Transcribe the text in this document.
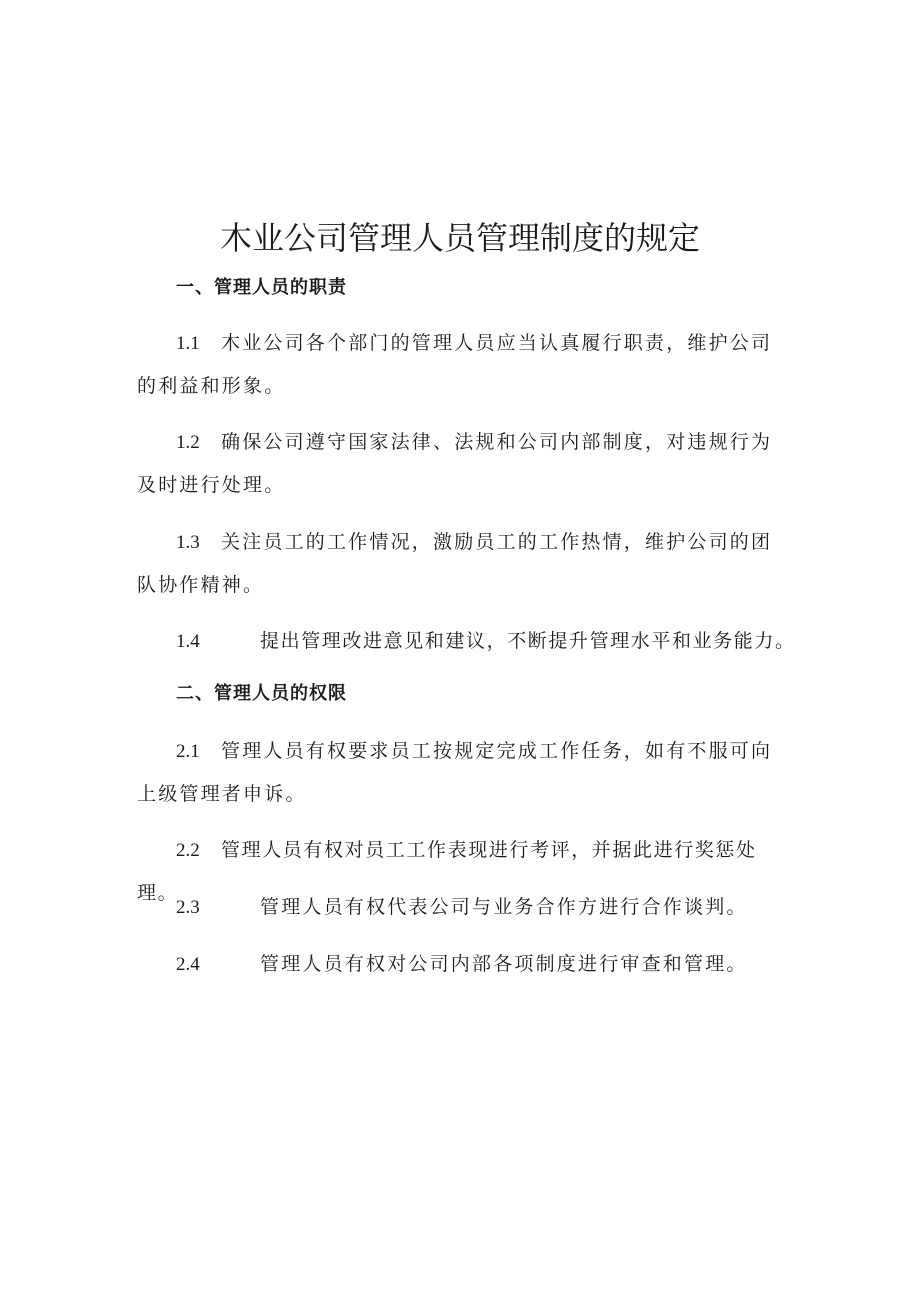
木业公司管理人员管理制度的规定
一、管理人员的职责

1.1 木业公司各个部门的管理人员应当认真履行职责，维护公司的利益和形象。

1.2 确保公司遵守国家法律、法规和公司内部制度，对违规行为及时进行处理。

1.3 关注员工的工作情况，激励员工的工作热情，维护公司的团队协作精神。

1.4	提出管理改进意见和建议，不断提升管理水平和业务能力。

二、管理人员的权限

2.1 管理人员有权要求员工按规定完成工作任务，如有不服可向上级管理者申诉。

2.2 管理人员有权对员工工作表现进行考评，并据此进行奖惩处理。

2.3	管理人员有权代表公司与业务合作方进行合作谈判。

2.4	管理人员有权对公司内部各项制度进行审查和管理。
